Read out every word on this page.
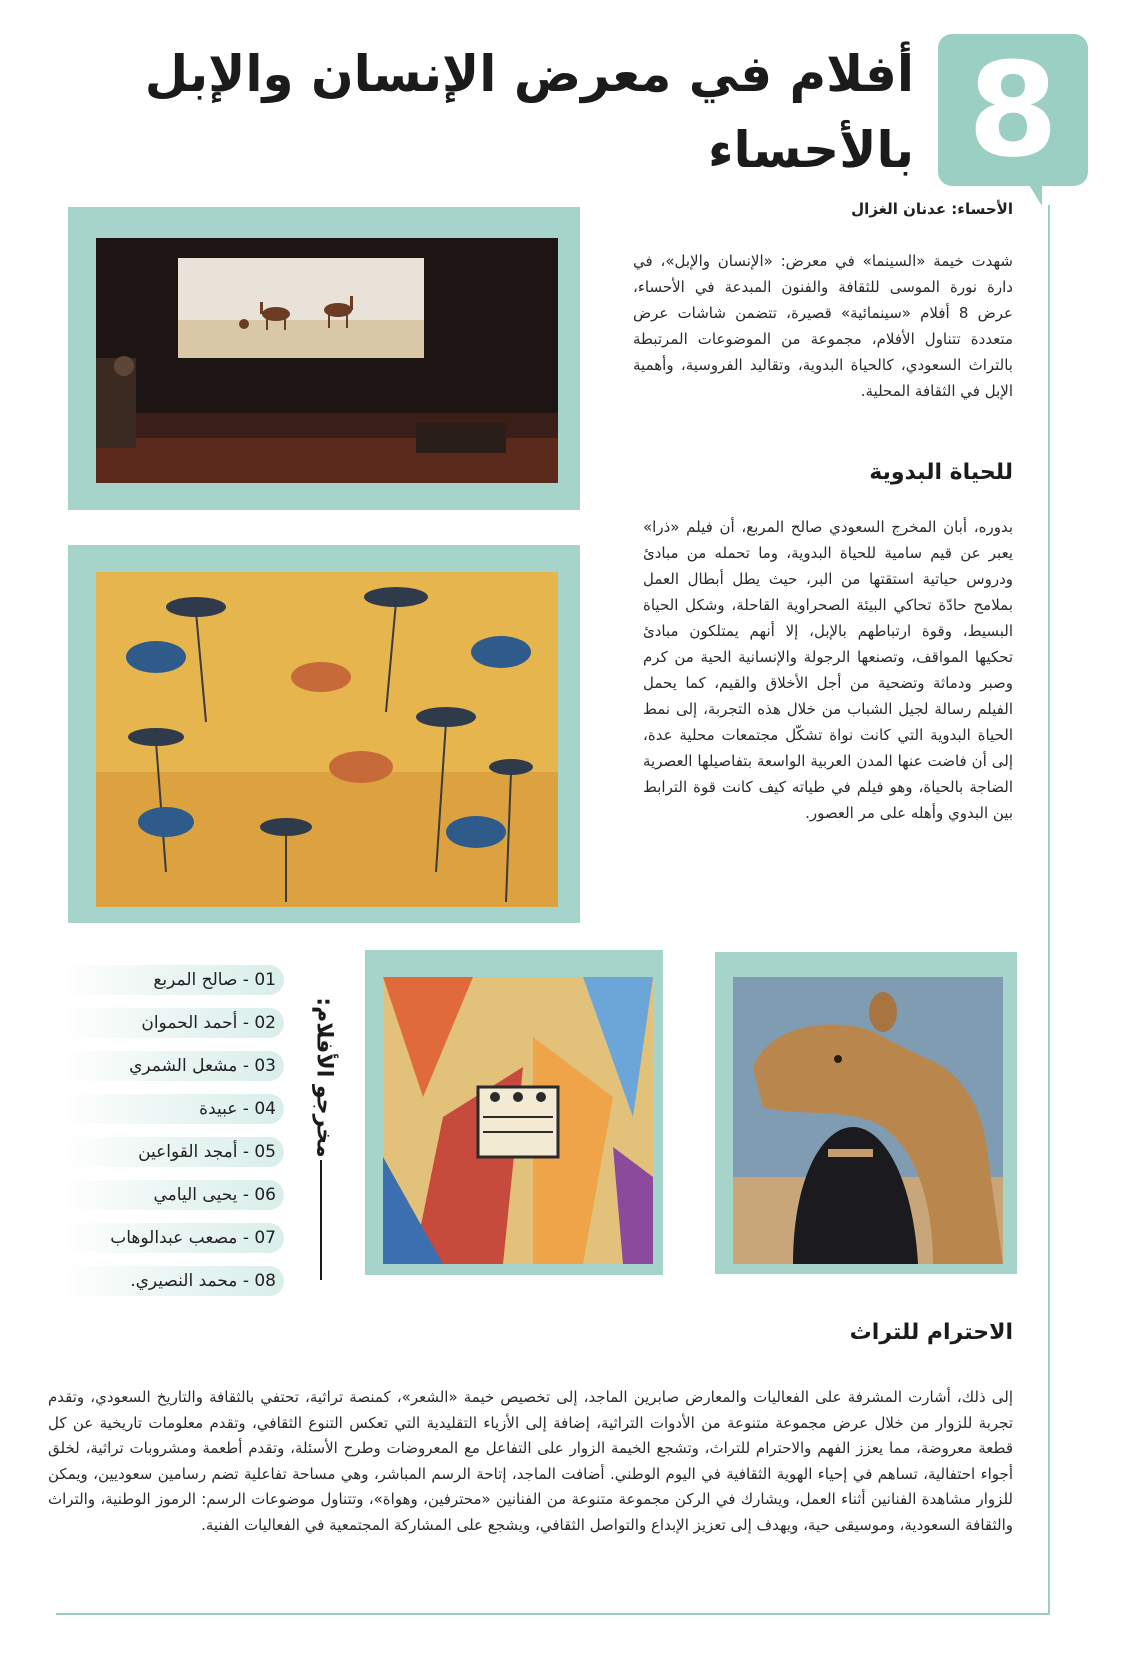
8
أفلام في معرض الإنسان والإبل بالأحساء
الأحساء: عدنان الغزال
شهدت خيمة «السينما» في معرض: «الإنسان والإبل»، في دارة نورة الموسى للثقافة والفنون المبدعة في الأحساء، عرض 8 أفلام «سينمائية» قصيرة، تتضمن شاشات عرض متعددة تتناول الأفلام، مجموعة من الموضوعات المرتبطة بالتراث السعودي، كالحياة البدوية، وتقاليد الفروسية، وأهمية الإبل في الثقافة المحلية.
للحياة البدوية
بدوره، أبان المخرج السعودي صالح المربع، أن فيلم «ذرا» يعبر عن قيم سامية للحياة البدوية، وما تحمله من مبادئ ودروس حياتية استقتها من البر، حيث يطل أبطال العمل بملامح حادّة تحاكي البيئة الصحراوية القاحلة، وشكل الحياة البسيط، وقوة ارتباطهم بالإبل، إلا أنهم يمتلكون مبادئ تحكيها المواقف، وتصنعها الرجولة والإنسانية الحية من كرم وصبر ودماثة وتضحية من أجل الأخلاق والقيم، كما يحمل الفيلم رسالة لجيل الشباب من خلال هذه التجربة، إلى نمط الحياة البدوية التي كانت نواة تشكّل مجتمعات محلية عدة، إلى أن فاضت عنها المدن العربية الواسعة بتفاصيلها العصرية الضاجة بالحياة، وهو فيلم في طياته كيف كانت قوة الترابط بين البدوي وأهله على مر العصور.
مخرجو الأفلام:
01 - صالح المربع
02 - أحمد الحموان
03 - مشعل الشمري
04 - عبيدة
05 - أمجد القواعين
06 - يحيى اليامي
07 - مصعب عبدالوهاب
08 - محمد النصيري.
الاحترام للتراث
إلى ذلك، أشارت المشرفة على الفعاليات والمعارض صابرين الماجد، إلى تخصيص خيمة «الشعر»، كمنصة تراثية، تحتفي بالثقافة والتاريخ السعودي، وتقدم تجربة للزوار من خلال عرض مجموعة متنوعة من الأدوات التراثية، إضافة إلى الأزياء التقليدية التي تعكس التنوع الثقافي، وتقدم معلومات تاريخية عن كل قطعة معروضة، مما يعزز الفهم والاحترام للتراث، وتشجع الخيمة الزوار على التفاعل مع المعروضات وطرح الأسئلة، وتقدم أطعمة ومشروبات تراثية، لخلق أجواء احتفالية، تساهم في إحياء الهوية الثقافية في اليوم الوطني. أضافت الماجد، إتاحة الرسم المباشر، وهي مساحة تفاعلية تضم رسامين سعوديين، ويمكن للزوار مشاهدة الفنانين أثناء العمل، ويشارك في الركن مجموعة متنوعة من الفنانين «محترفين، وهواة»، وتتناول موضوعات الرسم: الرموز الوطنية، والتراث والثقافة السعودية، وموسيقى حية، ويهدف إلى تعزيز الإبداع والتواصل الثقافي، ويشجع على المشاركة المجتمعية في الفعاليات الفنية.
